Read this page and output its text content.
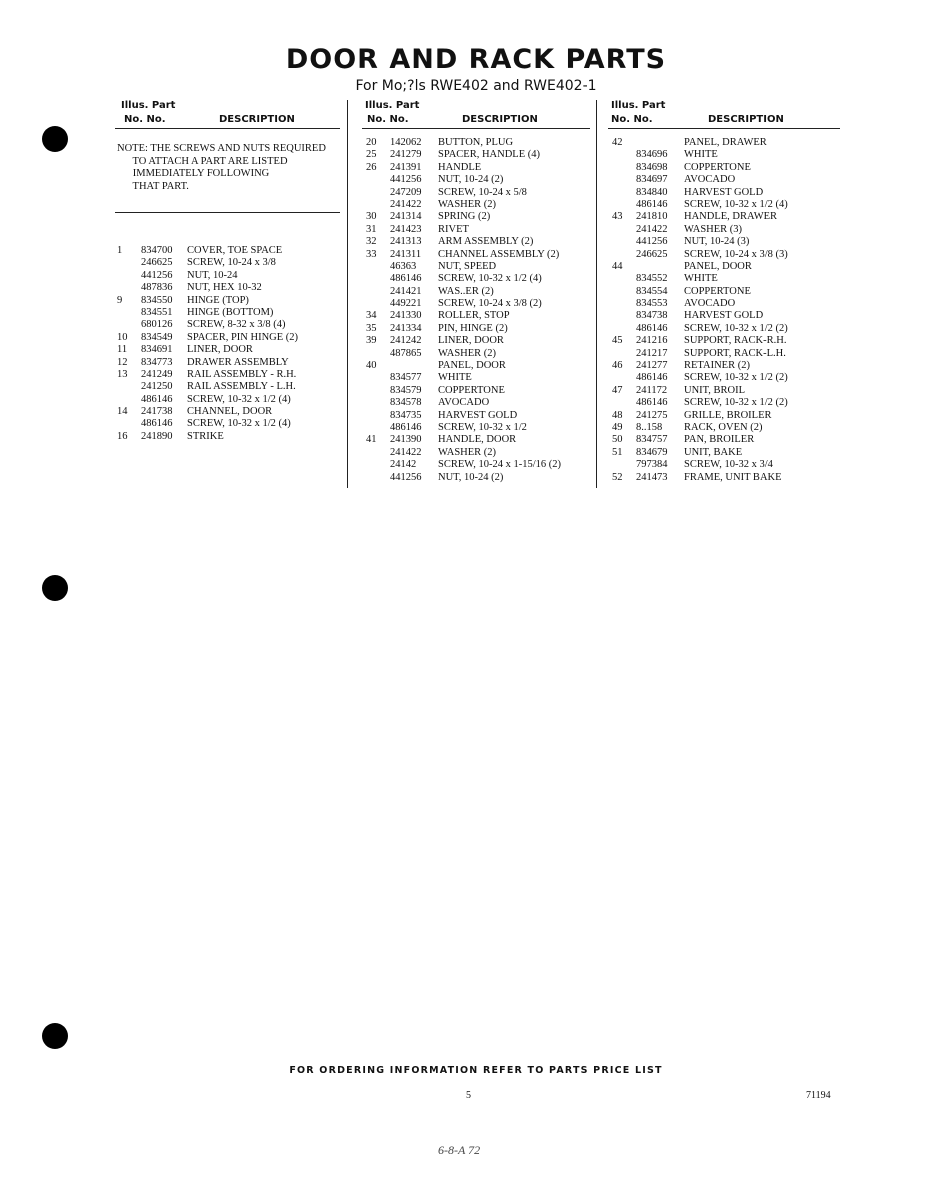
DOOR AND RACK PARTS
For Mo;?ls RWE402 and RWE402-1
Illus. Part
No. No.	DESCRIPTION
NOTE: THE SCREWS AND NUTS REQUIRED
TO ATTACH A PART ARE LISTED
IMMEDIATELY FOLLOWING
THAT PART.
1 834700 COVER, TOE SPACE
246625 SCREW, 10-24 x 3/8
441256 NUT, 10-24
487836 NUT, HEX 10-32
9 834550 HINGE (TOP)
834551 HINGE (BOTTOM)
680126 SCREW, 8-32 x 3/8 (4)
10 834549 SPACER, PIN HINGE (2)
11 834691 LINER, DOOR
12 834773 DRAWER ASSEMBLY
13 241249 RAIL ASSEMBLY - R.H.
241250 RAIL ASSEMBLY - L.H.
486146 SCREW, 10-32 x 1/2 (4)
14 241738 CHANNEL, DOOR
486146 SCREW, 10-32 x 1/2 (4)
16 241890 STRIKE
Illus. Part
No. No.	DESCRIPTION
20 142062 BUTTON, PLUG
25 241279 SPACER, HANDLE (4)
26 241391 HANDLE
441256 NUT, 10-24 (2)
247209 SCREW, 10-24 x 5/8
241422 WASHER (2)
30 241314 SPRING (2)
31 241423 RIVET
32 241313 ARM ASSEMBLY (2)
33 241311 CHANNEL ASSEMBLY (2)
46363 NUT, SPEED
486146 SCREW, 10-32 x 1/2 (4)
241421 WAS..ER (2)
449221 SCREW, 10-24 x 3/8 (2)
34 241330 ROLLER, STOP
35 241334 PIN, HINGE (2)
39 241242 LINER, DOOR
487865 WASHER (2)
40	PANEL, DOOR
834577 WHITE
834579 COPPERTONE
834578 AVOCADO
834735 HARVEST GOLD
486146 SCREW, 10-32 x 1/2
41 241390 HANDLE, DOOR
241422 WASHER (2)
24142 SCREW, 10-24 x 1-15/16 (2)
441256 NUT, 10-24 (2)
Illus. Part
No. No.	DESCRIPTION
42	PANEL, DRAWER
834696 WHITE
834698 COPPERTONE
834697 AVOCADO
834840 HARVEST GOLD
486146 SCREW, 10-32 x 1/2 (4)
43 241810 HANDLE, DRAWER
241422 WASHER (3)
441256 NUT, 10-24 (3)
246625 SCREW, 10-24 x 3/8 (3)
44	PANEL, DOOR
834552 WHITE
834554 COPPERTONE
834553 AVOCADO
834738 HARVEST GOLD
486146 SCREW, 10-32 x 1/2 (2)
45 241216 SUPPORT, RACK-R.H.
241217 SUPPORT, RACK-L.H.
46 241277 RETAINER (2)
486146 SCREW, 10-32 x 1/2 (2)
47 241172 UNIT, BROIL
486146 SCREW, 10-32 x 1/2 (2)
48 241275 GRILLE, BROILER
49 8..158 RACK, OVEN (2)
50 834757 PAN, BROILER
51 834679 UNIT, BAKE
797384 SCREW, 10-32 x 3/4
52 241473 FRAME, UNIT BAKE
FOR ORDERING INFORMATION REFER TO PARTS PRICE LIST
5	71194
6-8-A 72
